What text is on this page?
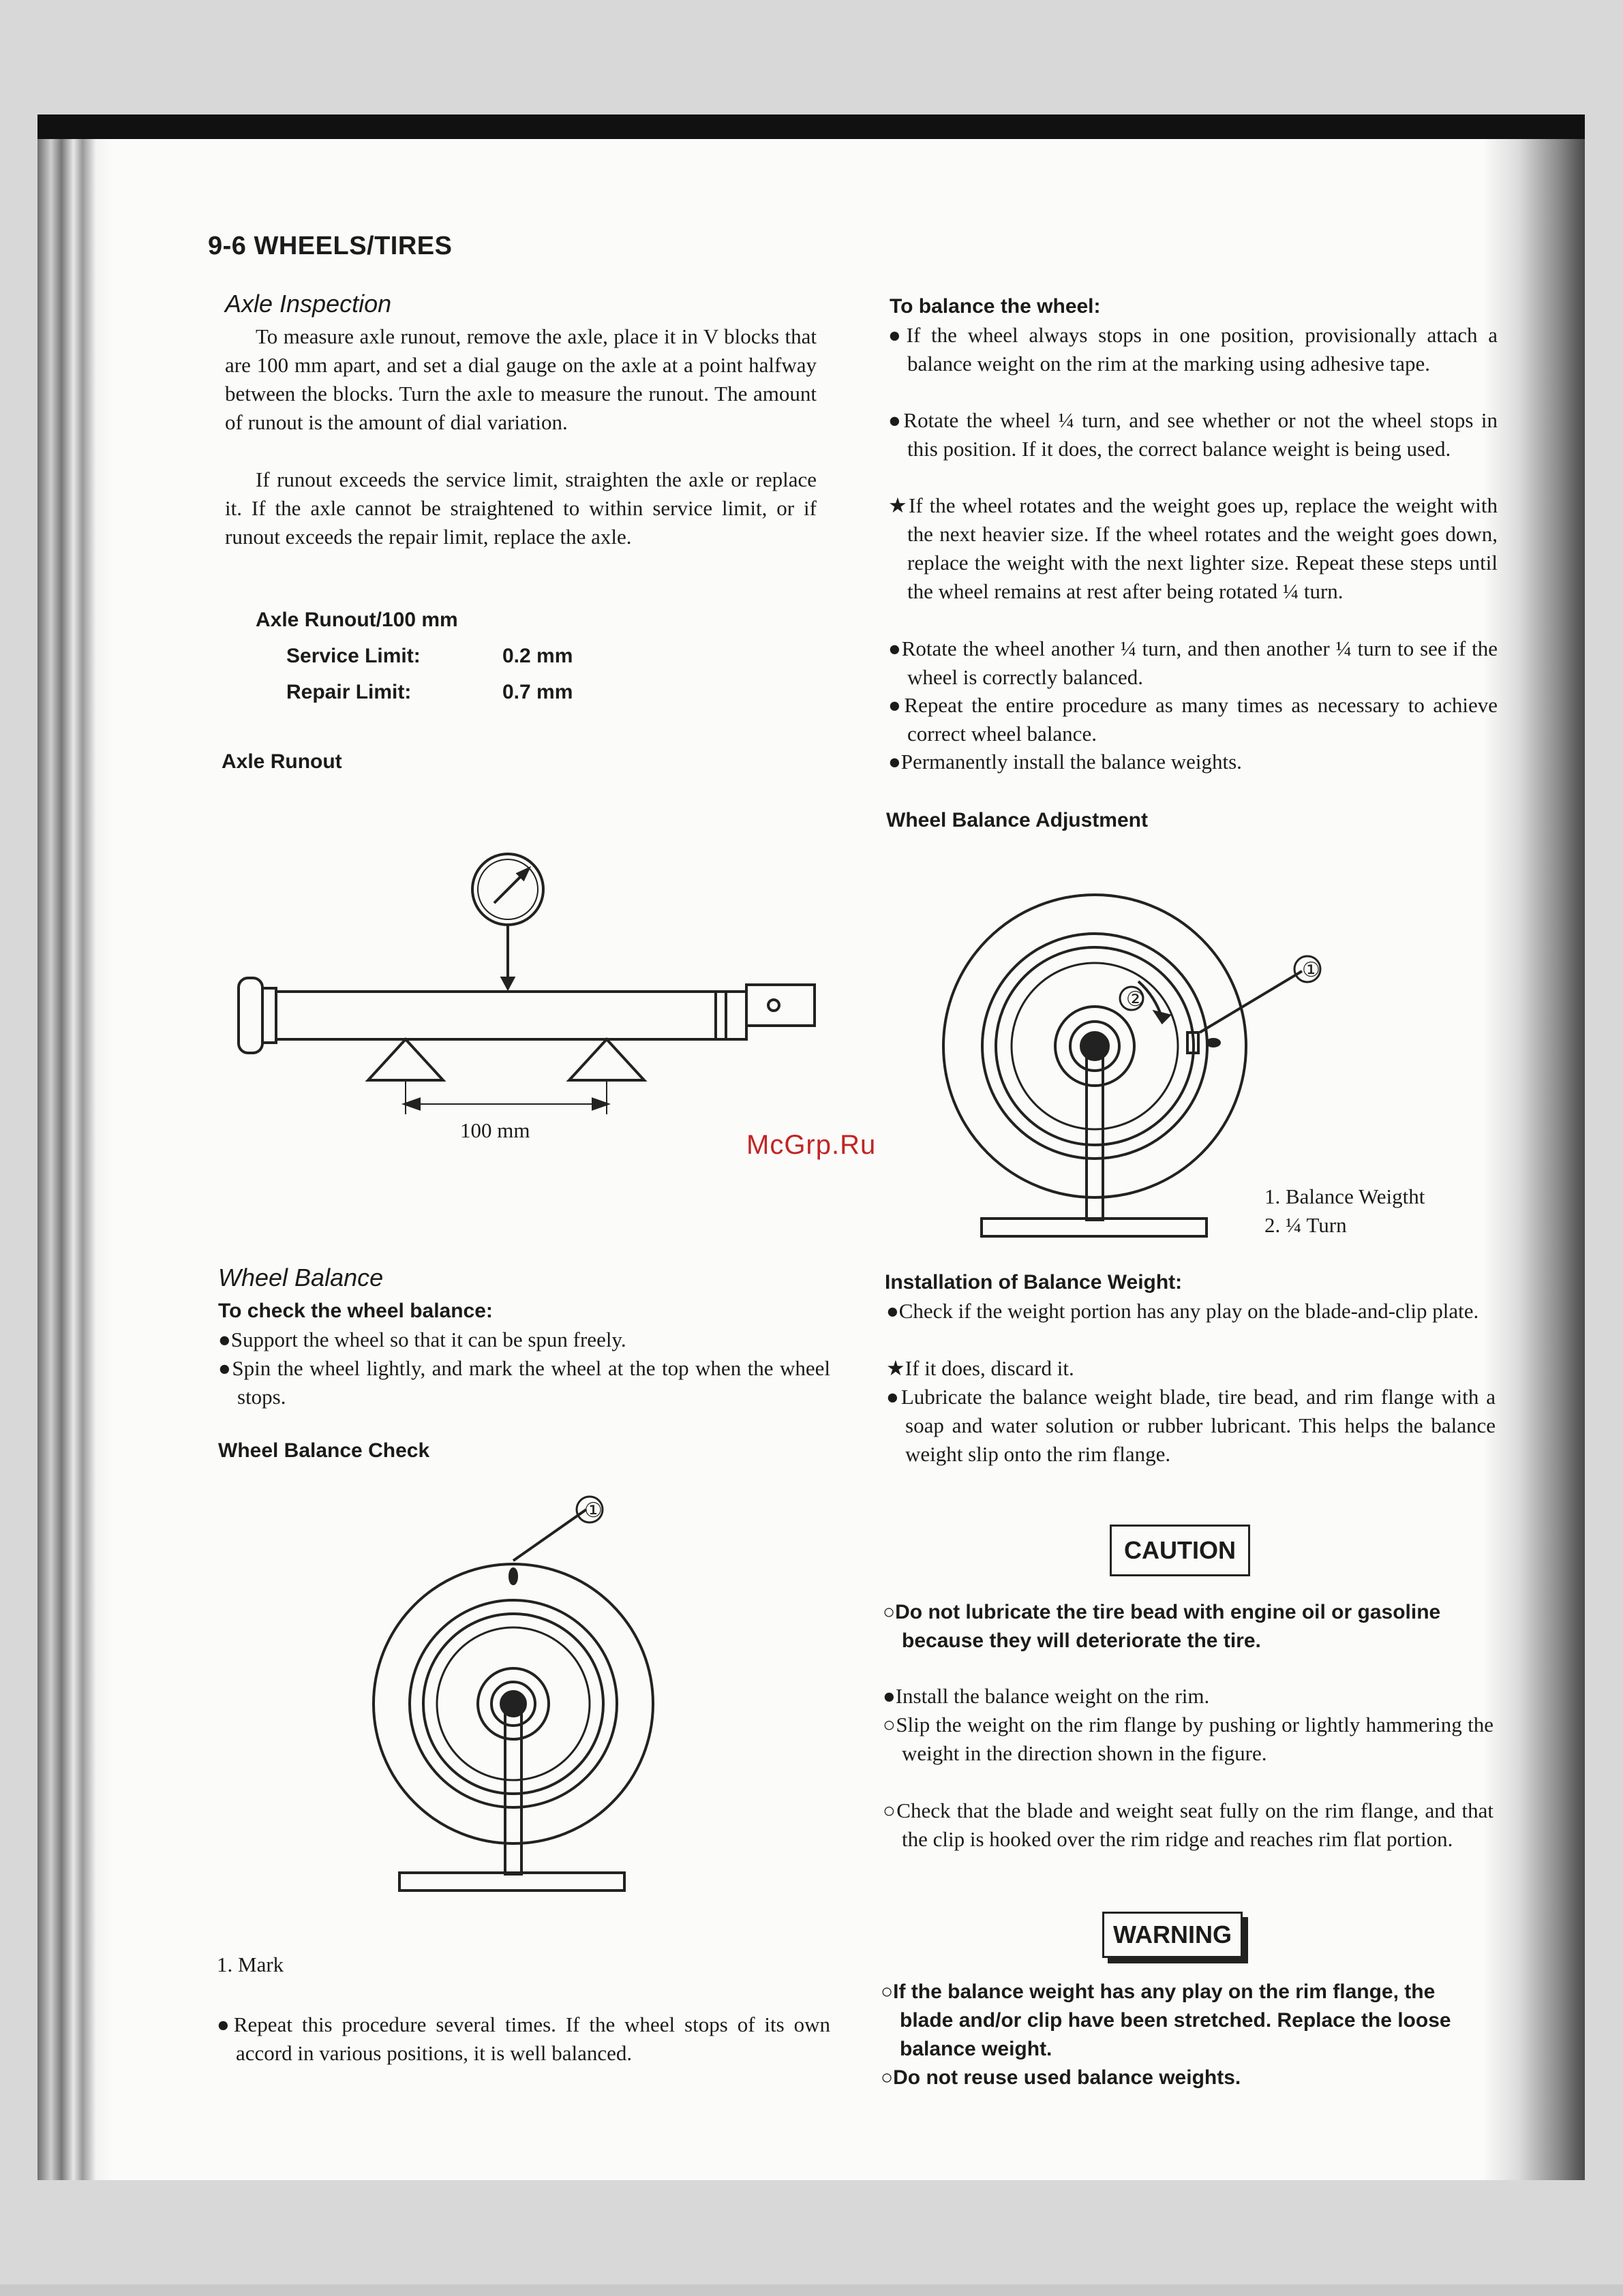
9-6 WHEELS/TIRES
Axle Inspection
To measure axle runout, remove the axle, place it in V blocks that are 100 mm apart, and set a dial gauge on the axle at a point halfway between the blocks. Turn the axle to measure the runout. The amount of runout is the amount of dial variation.
If runout exceeds the service limit, straighten the axle or replace it. If the axle cannot be straightened to within service limit, or if runout exceeds the repair limit, replace the axle.
Axle Runout/100 mm
Service Limit:	0.2 mm
Repair Limit:	0.7 mm
Axle Runout
100 mm	McGrp.Ru
Wheel Balance
To check the wheel balance:
●Support the wheel so that it can be spun freely.
●Spin the wheel lightly, and mark the wheel at the top when the wheel stops.
Wheel Balance Check
①
1. Mark
●Repeat this procedure several times. If the wheel stops of its own accord in various positions, it is well balanced.
To balance the wheel:
●If the wheel always stops in one position, provisionally attach a balance weight on the rim at the marking using adhesive tape.
●Rotate the wheel ¼ turn, and see whether or not the wheel stops in this position. If it does, the correct balance weight is being used.
★If the wheel rotates and the weight goes up, replace the weight with the next heavier size. If the wheel rotates and the weight goes down, replace the weight with the next lighter size. Repeat these steps until the wheel remains at rest after being rotated ¼ turn.
●Rotate the wheel another ¼ turn, and then another ¼ turn to see if the wheel is correctly balanced.
●Repeat the entire procedure as many times as necessary to achieve correct wheel balance.
●Permanently install the balance weights.
Wheel Balance Adjustment
②
①
1. Balance Weigtht
2. ¼ Turn
Installation of Balance Weight:
●Check if the weight portion has any play on the blade-and-clip plate.
★If it does, discard it.
●Lubricate the balance weight blade, tire bead, and rim flange with a soap and water solution or rubber lubricant. This helps the balance weight slip onto the rim flange.
CAUTION
○Do not lubricate the tire bead with engine oil or gasoline because they will deteriorate the tire.
●Install the balance weight on the rim.
○Slip the weight on the rim flange by pushing or lightly hammering the weight in the direction shown in the figure.
○Check that the blade and weight seat fully on the rim flange, and that the clip is hooked over the rim ridge and reaches rim flat portion.
WARNING
○If the balance weight has any play on the rim flange, the blade and/or clip have been stretched. Replace the loose balance weight.
○Do not reuse used balance weights.
